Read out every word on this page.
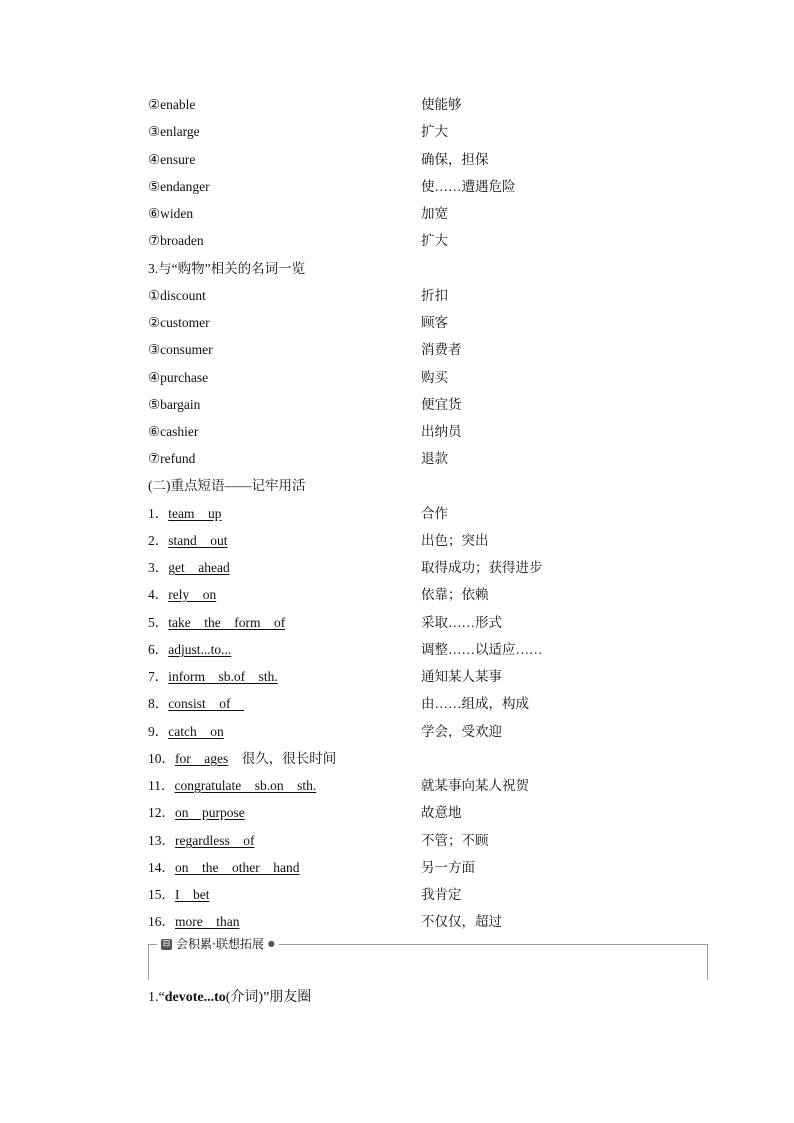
②enable	使能够
③enlarge	扩大
④ensure	确保，担保
⑤endanger	使……遭遇危险
⑥widen	加宽
⑦broaden	扩大
3.与“购物”相关的名词一览
①discount	折扣
②customer	顾客
③consumer	消费者
④purchase	购买
⑤bargain	便宜货
⑥cashier	出纳员
⑦refund	退款
(二)重点短语——记牢用活
1．team　up	合作
2．stand　out	出色；突出
3．get　ahead	取得成功；获得进步
4．rely　on	依靠；依赖
5．take　the　form　of	采取……形式
6．adjust...to...	调整……以适应……
7．inform　sb.of　sth.	通知某人某事
8．consist　of　	由……组成，构成
9．catch　on	学会，受欢迎
10．for　ages　 很久，很长时间
11．congratulate　sb.on　sth.	就某事向某人祝贺
12．on　purpose	故意地
13．regardless　of	不管；不顾
14．on　the　other　hand	另一方面
15．I　bet	我肯定
16．more　than	不仅仅，超过
⊟ 会积累·联想拓展 ●
1.“devote...to(介词)”朋友圈
